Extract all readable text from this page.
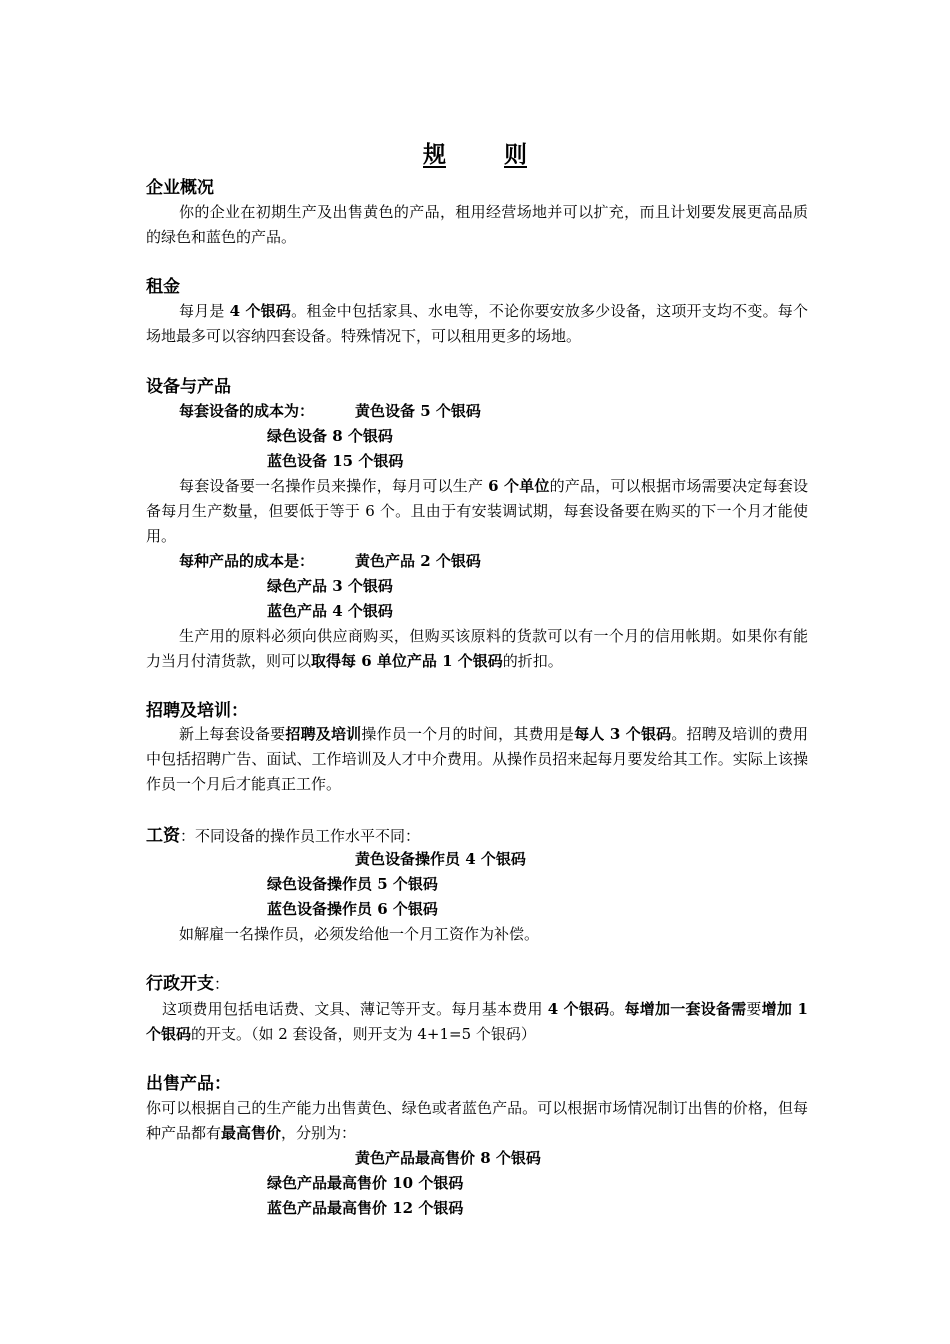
规	则
企业概况
你的企业在初期生产及出售黄色的产品，租用经营场地并可以扩充，而且计划要发展更高品质的绿色和蓝色的产品。
租金
每月是 4 个银码。租金中包括家具、水电等，不论你要安放多少设备，这项开支均不变。每个场地最多可以容纳四套设备。特殊情况下，可以租用更多的场地。
设备与产品
每套设备的成本为：	黄色设备 5 个银码
绿色设备 8 个银码
蓝色设备 15 个银码
每套设备要一名操作员来操作，每月可以生产 6 个单位的产品，可以根据市场需要决定每套设备每月生产数量，但要低于等于 6 个。且由于有安装调试期，每套设备要在购买的下一个月才能使用。
每种产品的成本是：	黄色产品 2 个银码
绿色产品 3 个银码
蓝色产品 4 个银码
生产用的原料必须向供应商购买，但购买该原料的货款可以有一个月的信用帐期。如果你有能力当月付清货款，则可以取得每 6 单位产品 1 个银码的折扣。
招聘及培训：
新上每套设备要招聘及培训操作员一个月的时间，其费用是每人 3 个银码。招聘及培训的费用中包括招聘广告、面试、工作培训及人才中介费用。从操作员招来起每月要发给其工作。实际上该操作员一个月后才能真正工作。
工资：不同设备的操作员工作水平不同：
黄色设备操作员 4 个银码
绿色设备操作员 5 个银码
蓝色设备操作员 6 个银码
如解雇一名操作员，必须发给他一个月工资作为补偿。
行政开支：
这项费用包括电话费、文具、薄记等开支。每月基本费用 4 个银码。每增加一套设备需要增加 1 个银码的开支。（如 2 套设备，则开支为 4+1=5 个银码）
出售产品：
你可以根据自己的生产能力出售黄色、绿色或者蓝色产品。可以根据市场情况制订出售的价格，但每种产品都有最高售价，分别为：
黄色产品最高售价 8 个银码
绿色产品最高售价 10 个银码
蓝色产品最高售价 12 个银码
